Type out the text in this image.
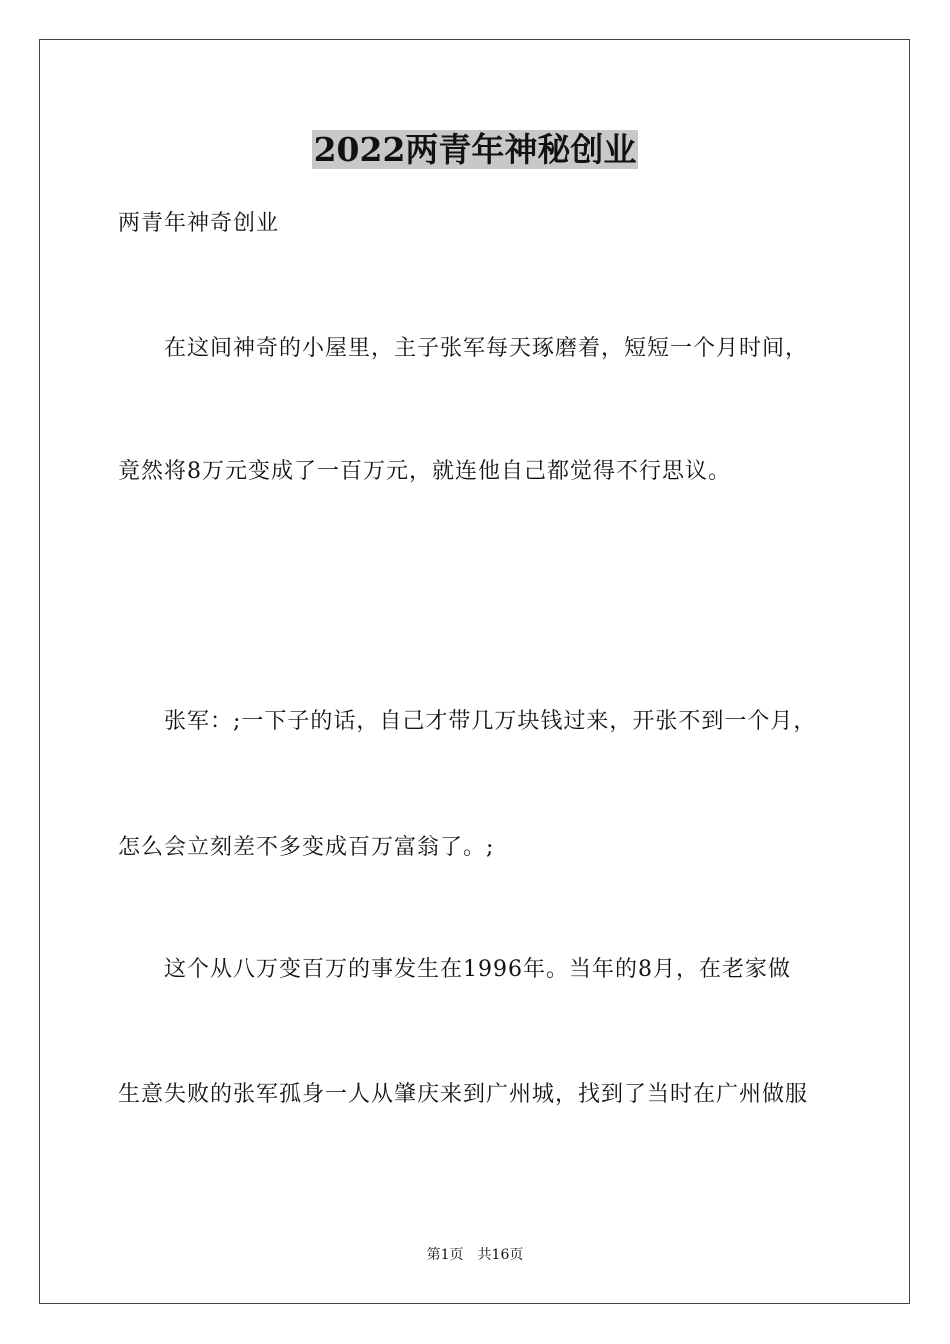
2022两青年神秘创业
两青年神奇创业
在这间神奇的小屋里，主子张军每天琢磨着，短短一个月时间，
竟然将8万元变成了一百万元，就连他自己都觉得不行思议。
张军：;一下子的话，自己才带几万块钱过来，开张不到一个月，
怎么会立刻差不多变成百万富翁了。;
这个从八万变百万的事发生在1996年。当年的8月，在老家做
生意失败的张军孤身一人从肇庆来到广州城，找到了当时在广州做服
第1页 共16页
